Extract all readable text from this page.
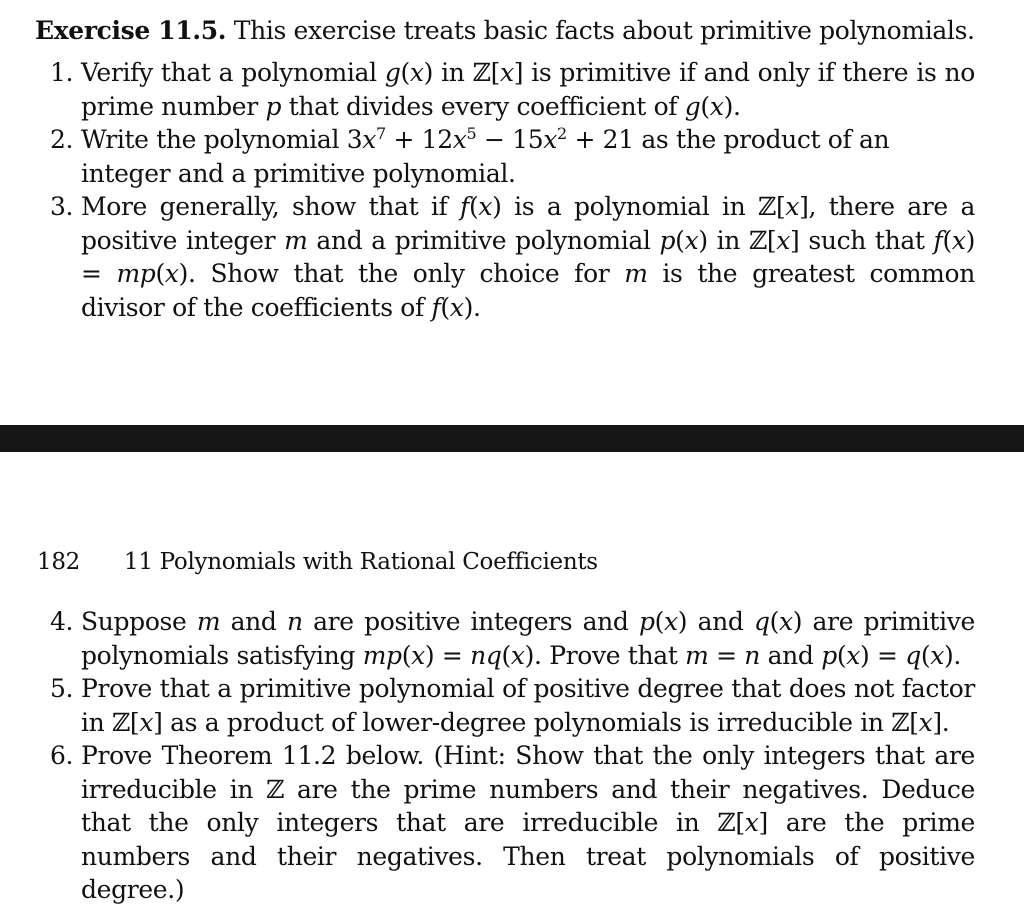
Exercise 11.5. This exercise treats basic facts about primitive polynomials.
1. Verify that a polynomial g(x) in ℤ[x] is primitive if and only if there is no prime number p that divides every coefficient of g(x).
2. Write the polynomial $3x^7 + 12x^5 - 15x^2 + 21$ as the product of an integer and a primitive polynomial.
3. More generally, show that if f(x) is a polynomial in ℤ[x], there are a positive integer m and a primitive polynomial p(x) in ℤ[x] such that f(x) = mp(x). Show that the only choice for m is the greatest common divisor of the coefficients of f(x).
182 11 Polynomials with Rational Coefficients
4. Suppose m and n are positive integers and p(x) and q(x) are primitive polynomials satisfying mp(x) = nq(x). Prove that m = n and p(x) = q(x).
5. Prove that a primitive polynomial of positive degree that does not factor in ℤ[x] as a product of lower-degree polynomials is irreducible in ℤ[x].
6. Prove Theorem 11.2 below. (Hint: Show that the only integers that are irreducible in ℤ are the prime numbers and their negatives. Deduce that the only integers that are irreducible in ℤ[x] are the prime numbers and their negatives. Then treat polynomials of positive degree.)
